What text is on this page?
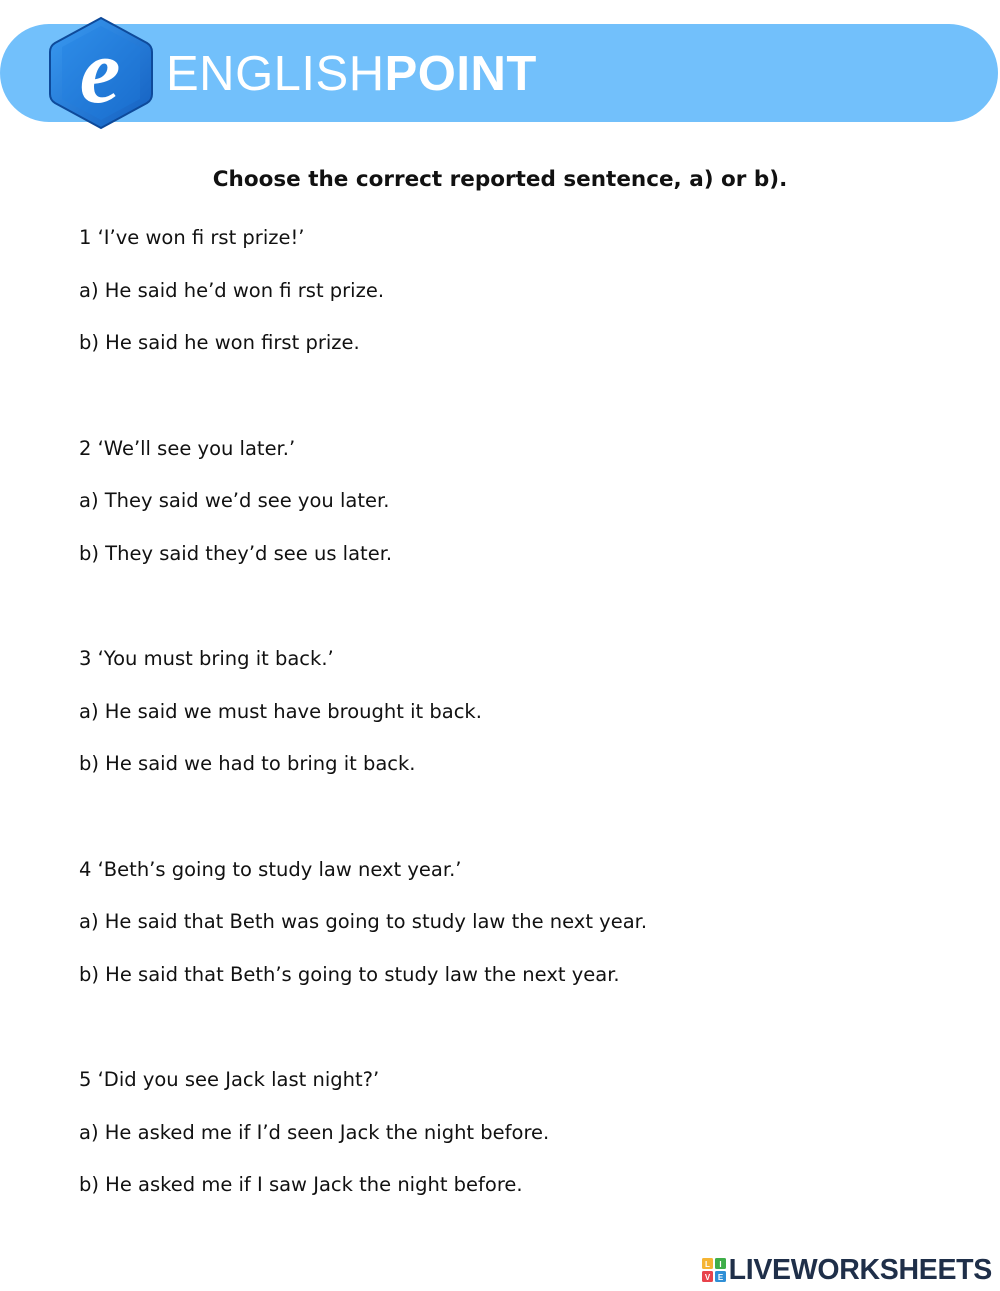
e ENGLISHPOINT
Choose the correct reported sentence, a) or b).
1 ‘I’ve won fi rst prize!’
a) He said he’d won fi rst prize.
b) He said he won first prize.
2 ‘We’ll see you later.’
a) They said we’d see you later.
b) They said they’d see us later.
3 ‘You must bring it back.’
a) He said we must have brought it back.
b) He said we had to bring it back.
4 ‘Beth’s going to study law next year.’
a) He said that Beth was going to study law the next year.
b) He said that Beth’s going to study law the next year.
5 ‘Did you see Jack last night?’
a) He asked me if I’d seen Jack the night before.
b) He asked me if I saw Jack the night before.
L I
V E LIVEWORKSHEETS
